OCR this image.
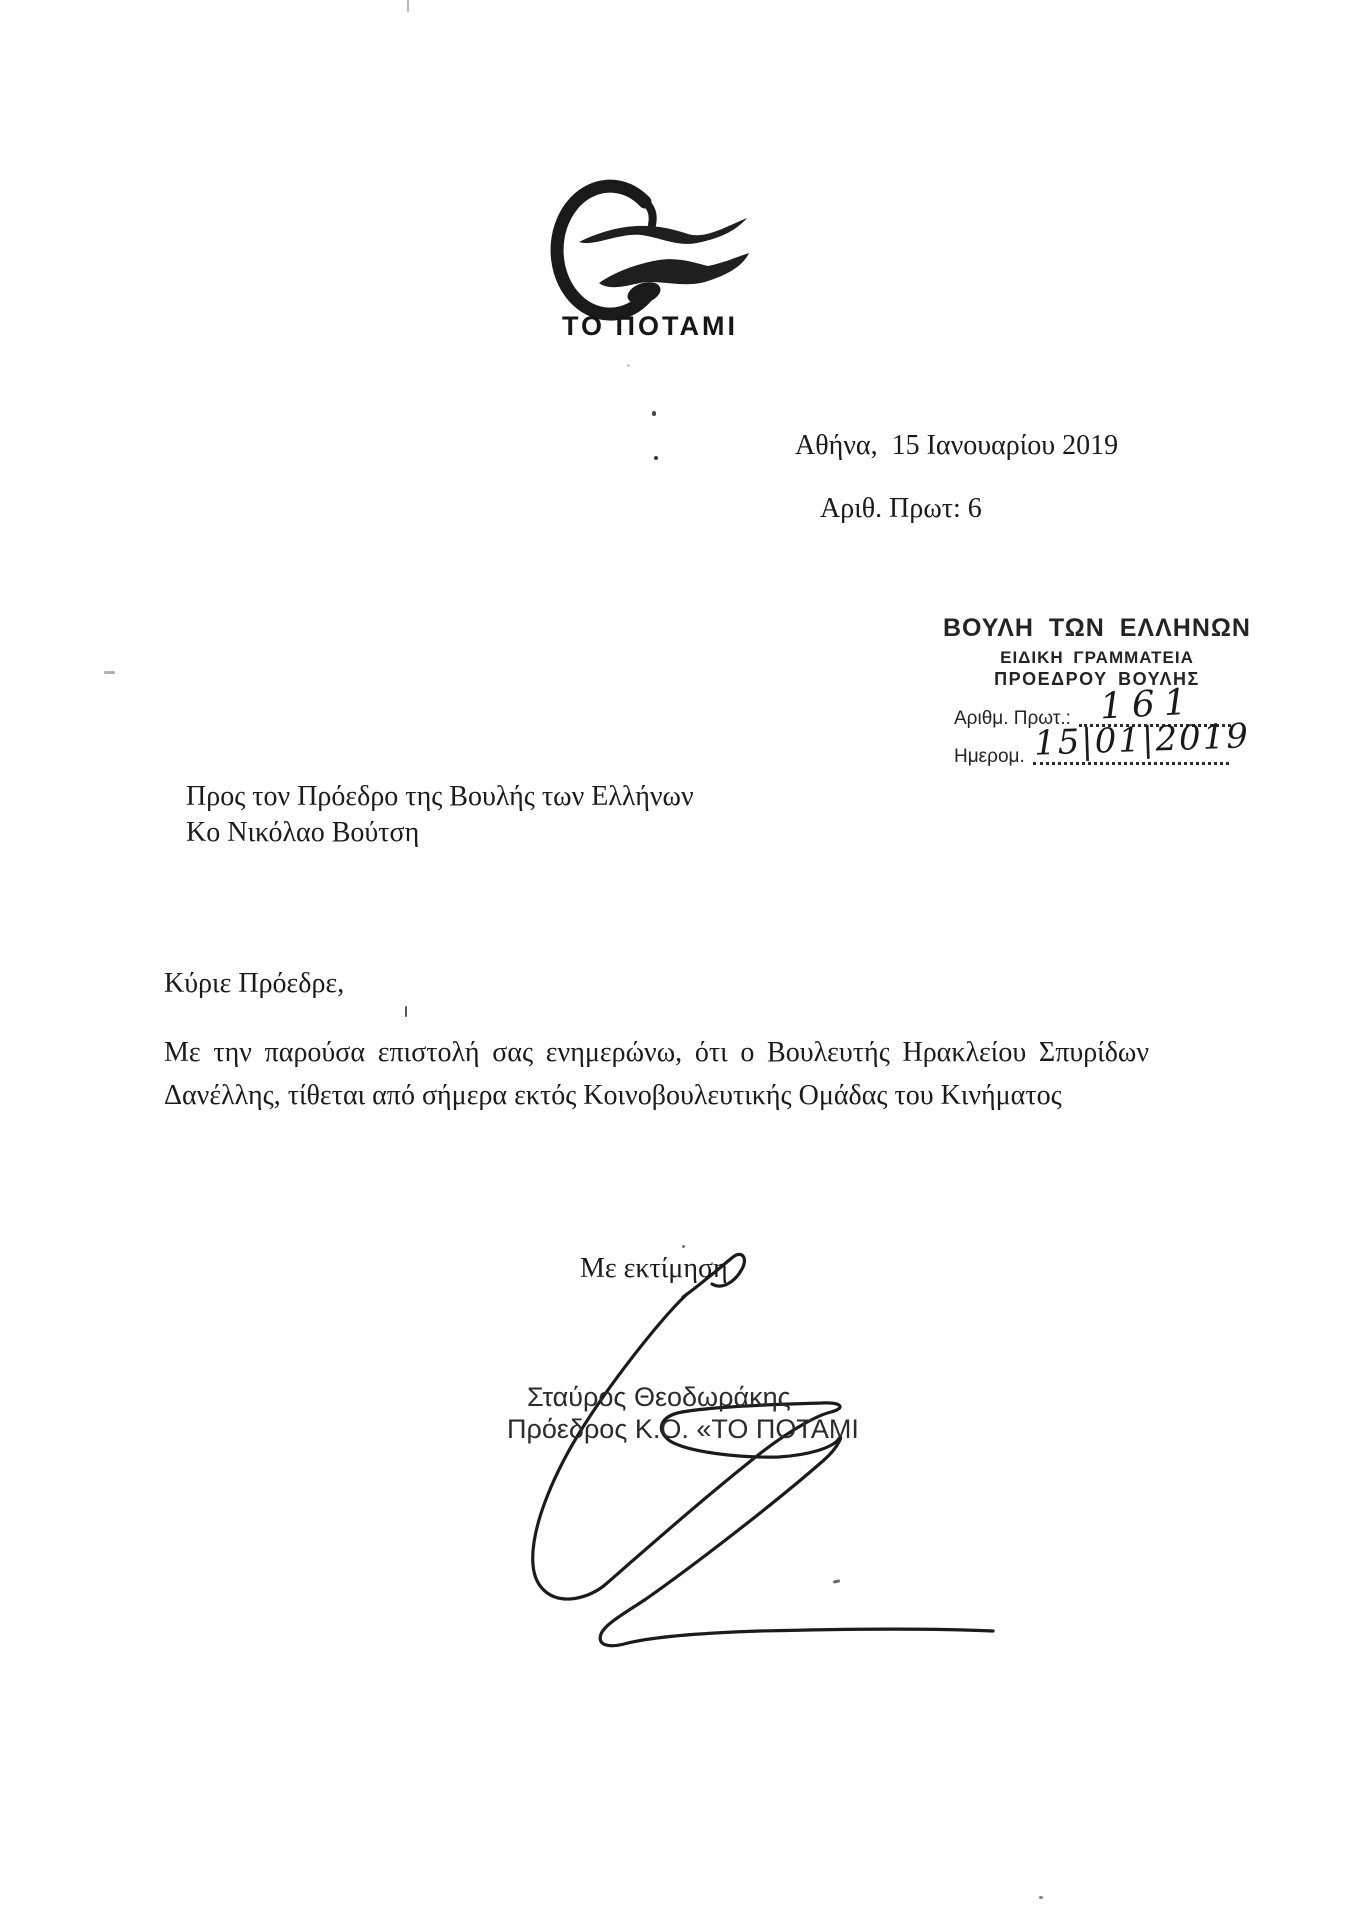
ΤΟ ΠΟΤΑΜΙ
Αθήνα,  15 Ιανουαρίου 2019
Αριθ. Πρωτ: 6
ΒΟΥΛΗ ΤΩΝ ΕΛΛΗΝΩΝ
ΕΙΔΙΚΗ ΓΡΑΜΜΑΤΕΙΑ
ΠΡΟΕΔΡΟΥ ΒΟΥΛΗΣ
Αριθμ. Πρωτ.:
Ημερομ.
161
15|01|2019
Προς τον Πρόεδρο της Βουλής των Ελλήνων
Κο Νικόλαο Βούτση
Κύριε Πρόεδρε,
Με την παρούσα επιστολή σας ενημερώνω, ότι ο Βουλευτής Ηρακλείου Σπυρίδων
Δανέλλης, τίθεται από σήμερα εκτός Κοινοβουλευτικής Ομάδας του Κινήματος
Με εκτίμηση
Σταύρος Θεοδωράκης
Πρόεδρος Κ.Ο. «ΤΟ ΠΟΤΑΜΙ
